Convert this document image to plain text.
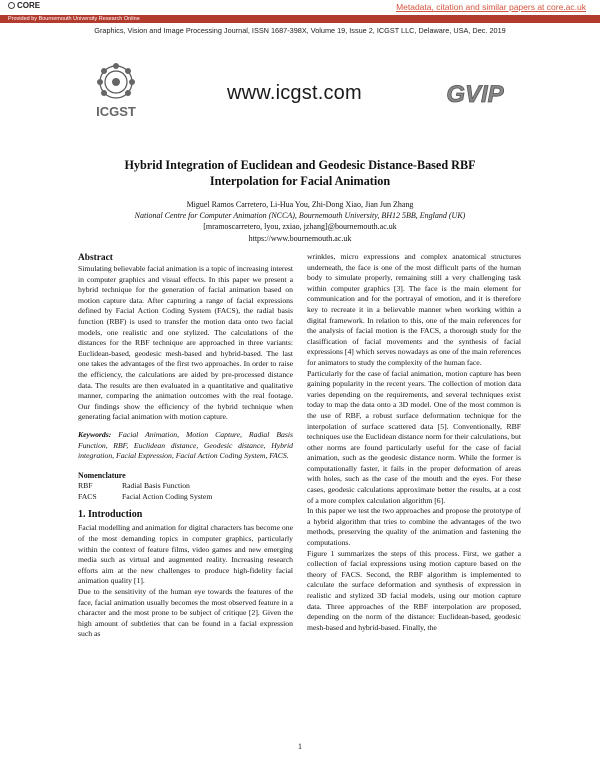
CORE	Metadata, citation and similar papers at core.ac.uk
Provided by Bournemouth University Research Online
Graphics, Vision and Image Processing Journal, ISSN 1687-398X, Volume 19, Issue 2, ICGST LLC, Delaware, USA, Dec. 2019
ICGST
www.icgst.com	GVIP
Hybrid Integration of Euclidean and Geodesic Distance-Based RBF Interpolation for Facial Animation
Miguel Ramos Carretero, Li-Hua You, Zhi-Dong Xiao, Jian Jun Zhang
National Centre for Computer Animation (NCCA), Bournemouth University, BH12 5BB, England (UK)
[mramoscarretero, lyou, zxiao, jzhang]@bournemouth.ac.uk
https://www.bournemouth.ac.uk
Abstract

Simulating believable facial animation is a topic of increasing interest in computer graphics and visual effects. In this paper we present a hybrid technique for the generation of facial animation based on motion capture data. After capturing a range of facial expressions defined by Facial Action Coding System (FACS), the radial basis function (RBF) is used to transfer the motion data onto two facial models, one realistic and one stylized. The calculations of the distances for the RBF technique are approached in three variants: Euclidean-based, geodesic mesh-based and hybrid-based. The last one takes the advantages of the first two approaches. In order to raise the efficiency, the calculations are aided by pre-processed distance data. The results are then evaluated in a quantitative and qualitative manner, comparing the animation outcomes with the real footage. Our findings show the efficiency of the hybrid technique when generating facial animation with motion capture.

Keywords: Facial Animation, Motion Capture, Radial Basis Function, RBF, Euclidean distance, Geodesic distance, Hybrid integration, Facial Expression, Facial Action Coding System, FACS.

Nomenclature
RBF	Radial Basis Function
FACS	Facial Action Coding System
1. Introduction

Facial modelling and animation for digital characters has become one of the most demanding topics in computer graphics, particularly within the context of feature films, video games and new emerging media such as virtual and augmented reality. Increasing research efforts aim at the new challenges to produce high-fidelity facial animation quality [1].

Due to the sensitivity of the human eye towards the features of the face, facial animation usually becomes the most observed feature in a character and the most prone to be subject of critique [2]. Given the high amount of subtleties that can be found in a facial expression such as

wrinkles, micro expressions and complex anatomical structures underneath, the face is one of the most difficult parts of the human body to simulate properly, remaining still a very challenging task within computer graphics [3]. The face is the main element for communication and for the portrayal of emotion, and it is therefore key to recreate it in a believable manner when working within a digital framework. In relation to this, one of the main references for the analysis of facial motion is the FACS, a thorough study for the clasiffication of facial movements and the synthesis of facial expressions [4] which serves nowadays as one of the main references for animators to study the complexity of the human face.

Particularly for the case of facial animation, motion capture has been gaining popularity in the recent years. The collection of motion data varies depending on the requirements, and several techniques exist today to map the data onto a 3D model. One of the most common is the use of RBF, a robust surface deformation technique for the interpolation of surface scattered data [5]. Conventionally, RBF techniques use the Euclidean distance norm for their calculations, but other norms are found particularly useful for the case of facial animation, such as the geodesic distance norm. While the former is computationally faster, it fails in the proper deformation of areas with holes, such as the case of the mouth and the eyes. For these cases, geodesic calculations approximate better the results, at a cost of a more complex calculation algorithm [6].

In this paper we test the two approaches and propose the prototype of a hybrid algorithm that tries to combine the advantages of the two methods, preserving the quality of the animation and fastening the computations.

Figure 1 summarizes the steps of this process. First, we gather a collection of facial expressions using motion capture based on the theory of FACS. Second, the RBF algorithm is implemented to calculate the surface deformation and synthesis of expression in realistic and stylized 3D facial models, using our motion capture data. Three approaches of the RBF interpolation are proposed, depending on the norm of the distance: Euclidean-based, geodesic mesh-based and hybrid-based. Finally, the

1
